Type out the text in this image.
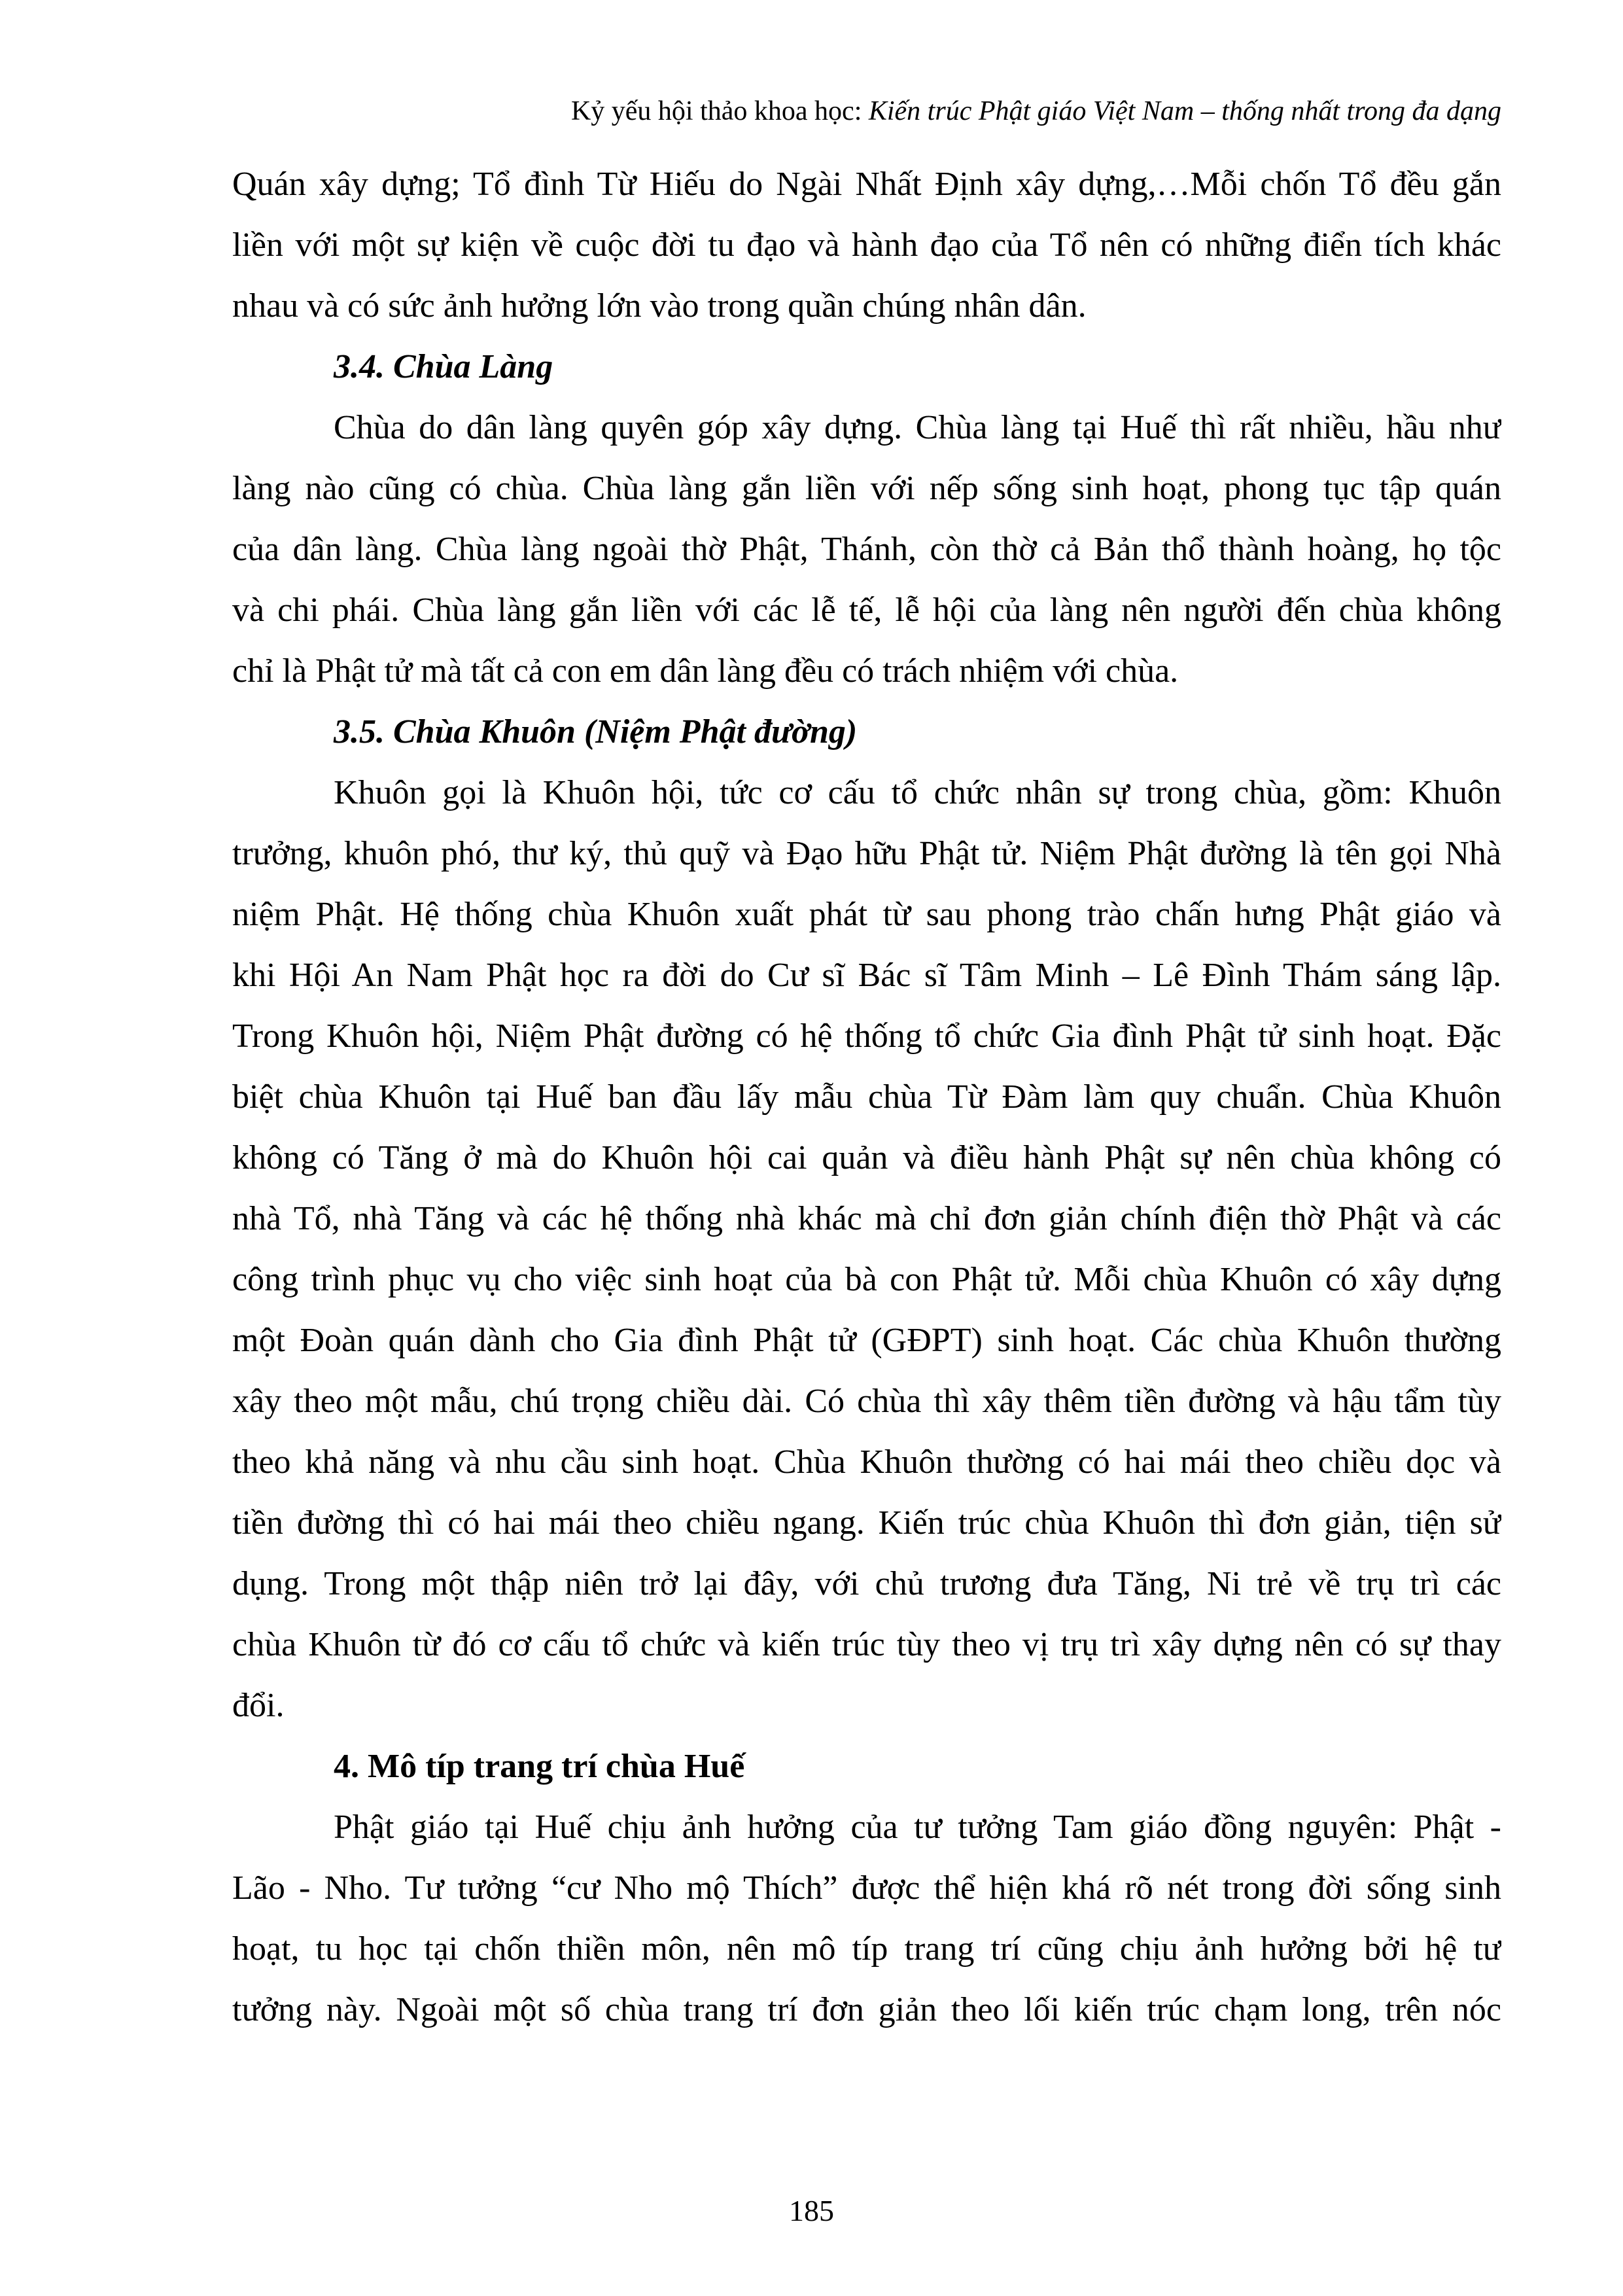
Kỷ yếu hội thảo khoa học: Kiến trúc Phật giáo Việt Nam – thống nhất trong đa dạng
Quán xây dựng; Tổ đình Từ Hiếu do Ngài Nhất Định xây dựng,…Mỗi chốn Tổ đều gắn
liền với một sự kiện về cuộc đời tu đạo và hành đạo của Tổ nên có những điển tích khác
nhau và có sức ảnh hưởng lớn vào trong quần chúng nhân dân.
3.4. Chùa Làng
Chùa do dân làng quyên góp xây dựng. Chùa làng tại Huế thì rất nhiều, hầu như
làng nào cũng có chùa. Chùa làng gắn liền với nếp sống sinh hoạt, phong tục tập quán
của dân làng. Chùa làng ngoài thờ Phật, Thánh, còn thờ cả Bản thổ thành hoàng, họ tộc
và chi phái. Chùa làng gắn liền với các lễ tế, lễ hội của làng nên người đến chùa không
chỉ là Phật tử mà tất cả con em dân làng đều có trách nhiệm với chùa.
3.5. Chùa Khuôn (Niệm Phật đường)
Khuôn gọi là Khuôn hội, tức cơ cấu tổ chức nhân sự trong chùa, gồm: Khuôn
trưởng, khuôn phó, thư ký, thủ quỹ và Đạo hữu Phật tử. Niệm Phật đường là tên gọi Nhà
niệm Phật. Hệ thống chùa Khuôn xuất phát từ sau phong trào chấn hưng Phật giáo và
khi Hội An Nam Phật học ra đời do Cư sĩ Bác sĩ Tâm Minh – Lê Đình Thám sáng lập.
Trong Khuôn hội, Niệm Phật đường có hệ thống tổ chức Gia đình Phật tử sinh hoạt. Đặc
biệt chùa Khuôn tại Huế ban đầu lấy mẫu chùa Từ Đàm làm quy chuẩn. Chùa Khuôn
không có Tăng ở mà do Khuôn hội cai quản và điều hành Phật sự nên chùa không có
nhà Tổ, nhà Tăng và các hệ thống nhà khác mà chỉ đơn giản chính điện thờ Phật và các
công trình phục vụ cho việc sinh hoạt của bà con Phật tử. Mỗi chùa Khuôn có xây dựng
một Đoàn quán dành cho Gia đình Phật tử (GĐPT) sinh hoạt. Các chùa Khuôn thường
xây theo một mẫu, chú trọng chiều dài. Có chùa thì xây thêm tiền đường và hậu tẩm tùy
theo khả năng và nhu cầu sinh hoạt. Chùa Khuôn thường có hai mái theo chiều dọc và
tiền đường thì có hai mái theo chiều ngang. Kiến trúc chùa Khuôn thì đơn giản, tiện sử
dụng. Trong một thập niên trở lại đây, với chủ trương đưa Tăng, Ni trẻ về trụ trì các
chùa Khuôn từ đó cơ cấu tổ chức và kiến trúc tùy theo vị trụ trì xây dựng nên có sự thay
đổi.
4. Mô típ trang trí chùa Huế
Phật giáo tại Huế chịu ảnh hưởng của tư tưởng Tam giáo đồng nguyên: Phật -
Lão - Nho. Tư tưởng “cư Nho mộ Thích” được thể hiện khá rõ nét trong đời sống sinh
hoạt, tu học tại chốn thiền môn, nên mô típ trang trí cũng chịu ảnh hưởng bởi hệ tư
tưởng này. Ngoài một số chùa trang trí đơn giản theo lối kiến trúc chạm long, trên nóc
185
